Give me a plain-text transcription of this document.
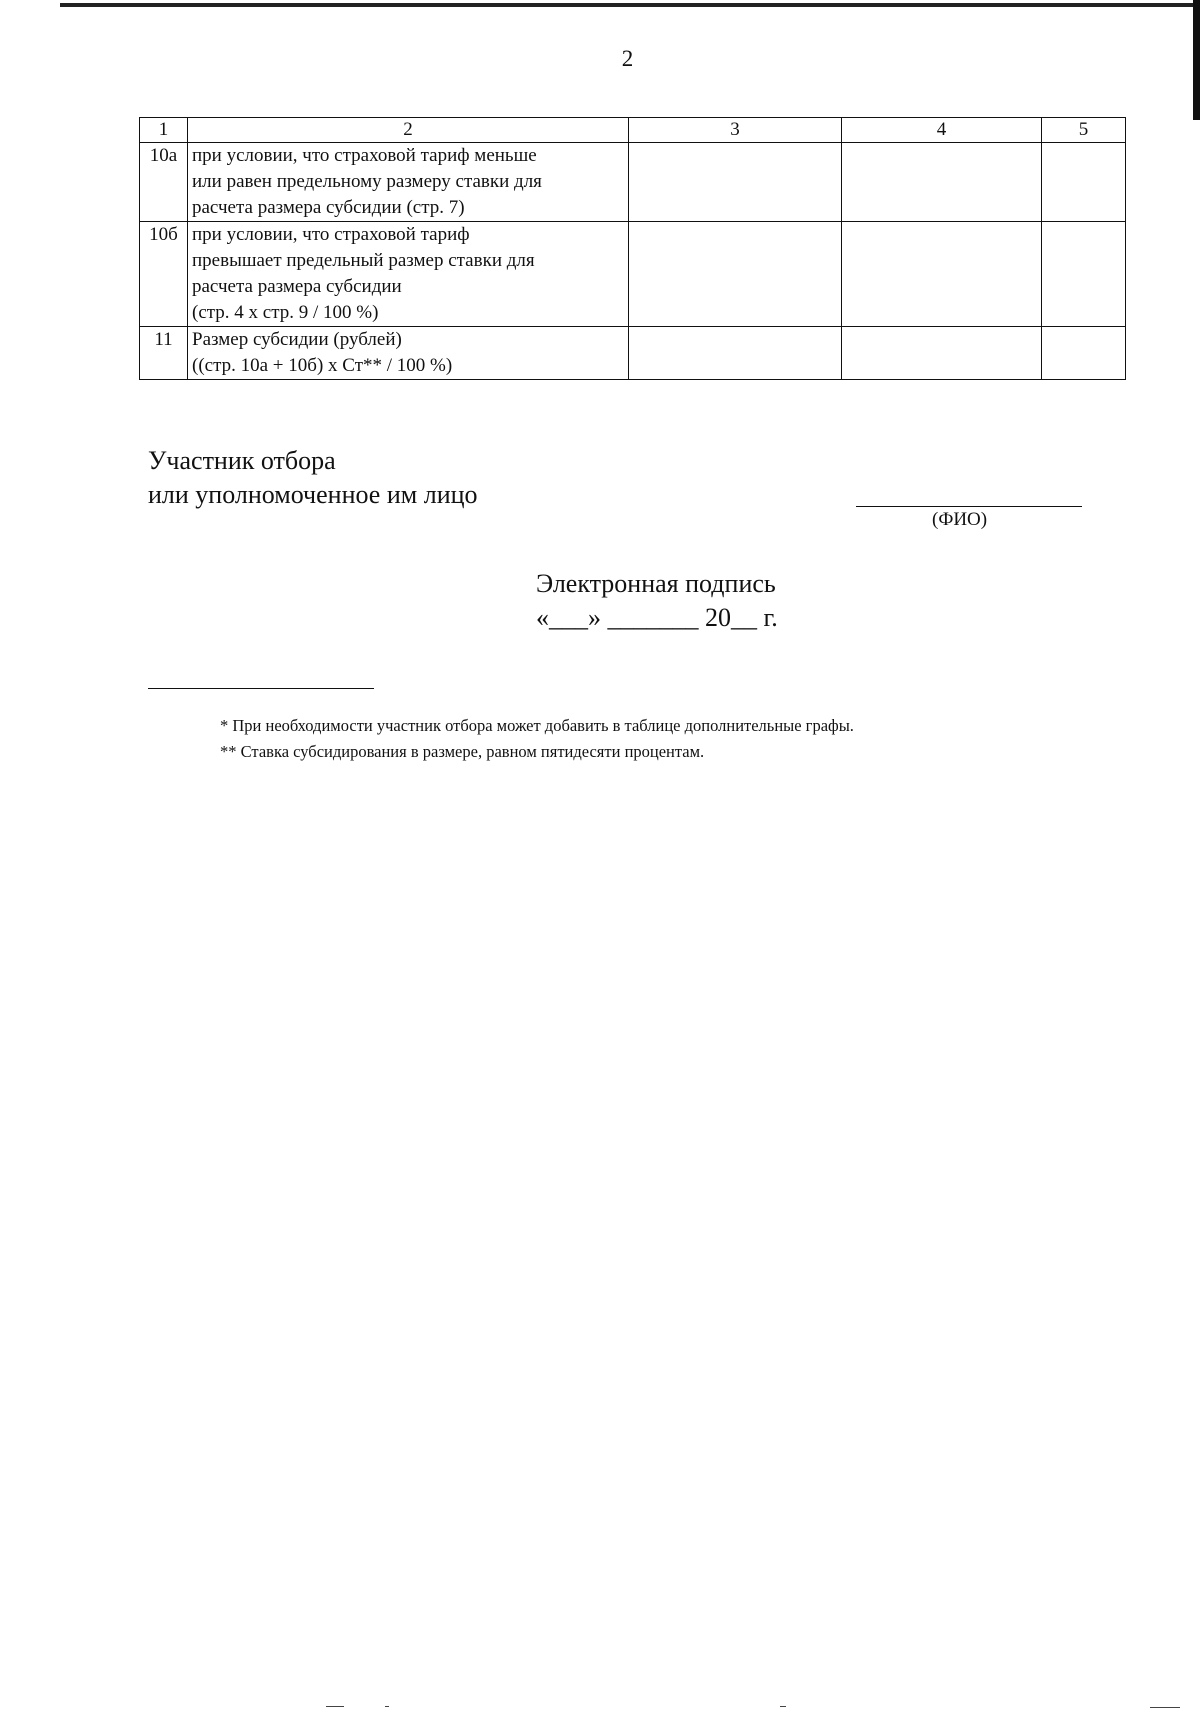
2
1	2	3	4	5
10а	при условии, что страховой тариф меньше
или равен предельному размеру ставки для
расчета размера субсидии (стр. 7)			

10б	при условии, что страховой тариф
превышает предельный размер ставки для
расчета размера субсидии
(стр. 4 х стр. 9 / 100 %)			

11	Размер субсидии (рублей)
((стр. 10а + 10б) х Ст** / 100 %)			

Участник отбора
или уполномоченное им лицо
(ФИО)
Электронная подпись
«___» _______ 20__ г.
* При необходимости участник отбора может добавить в таблице дополнительные графы.
** Ставка субсидирования в размере, равном пятидесяти процентам.
